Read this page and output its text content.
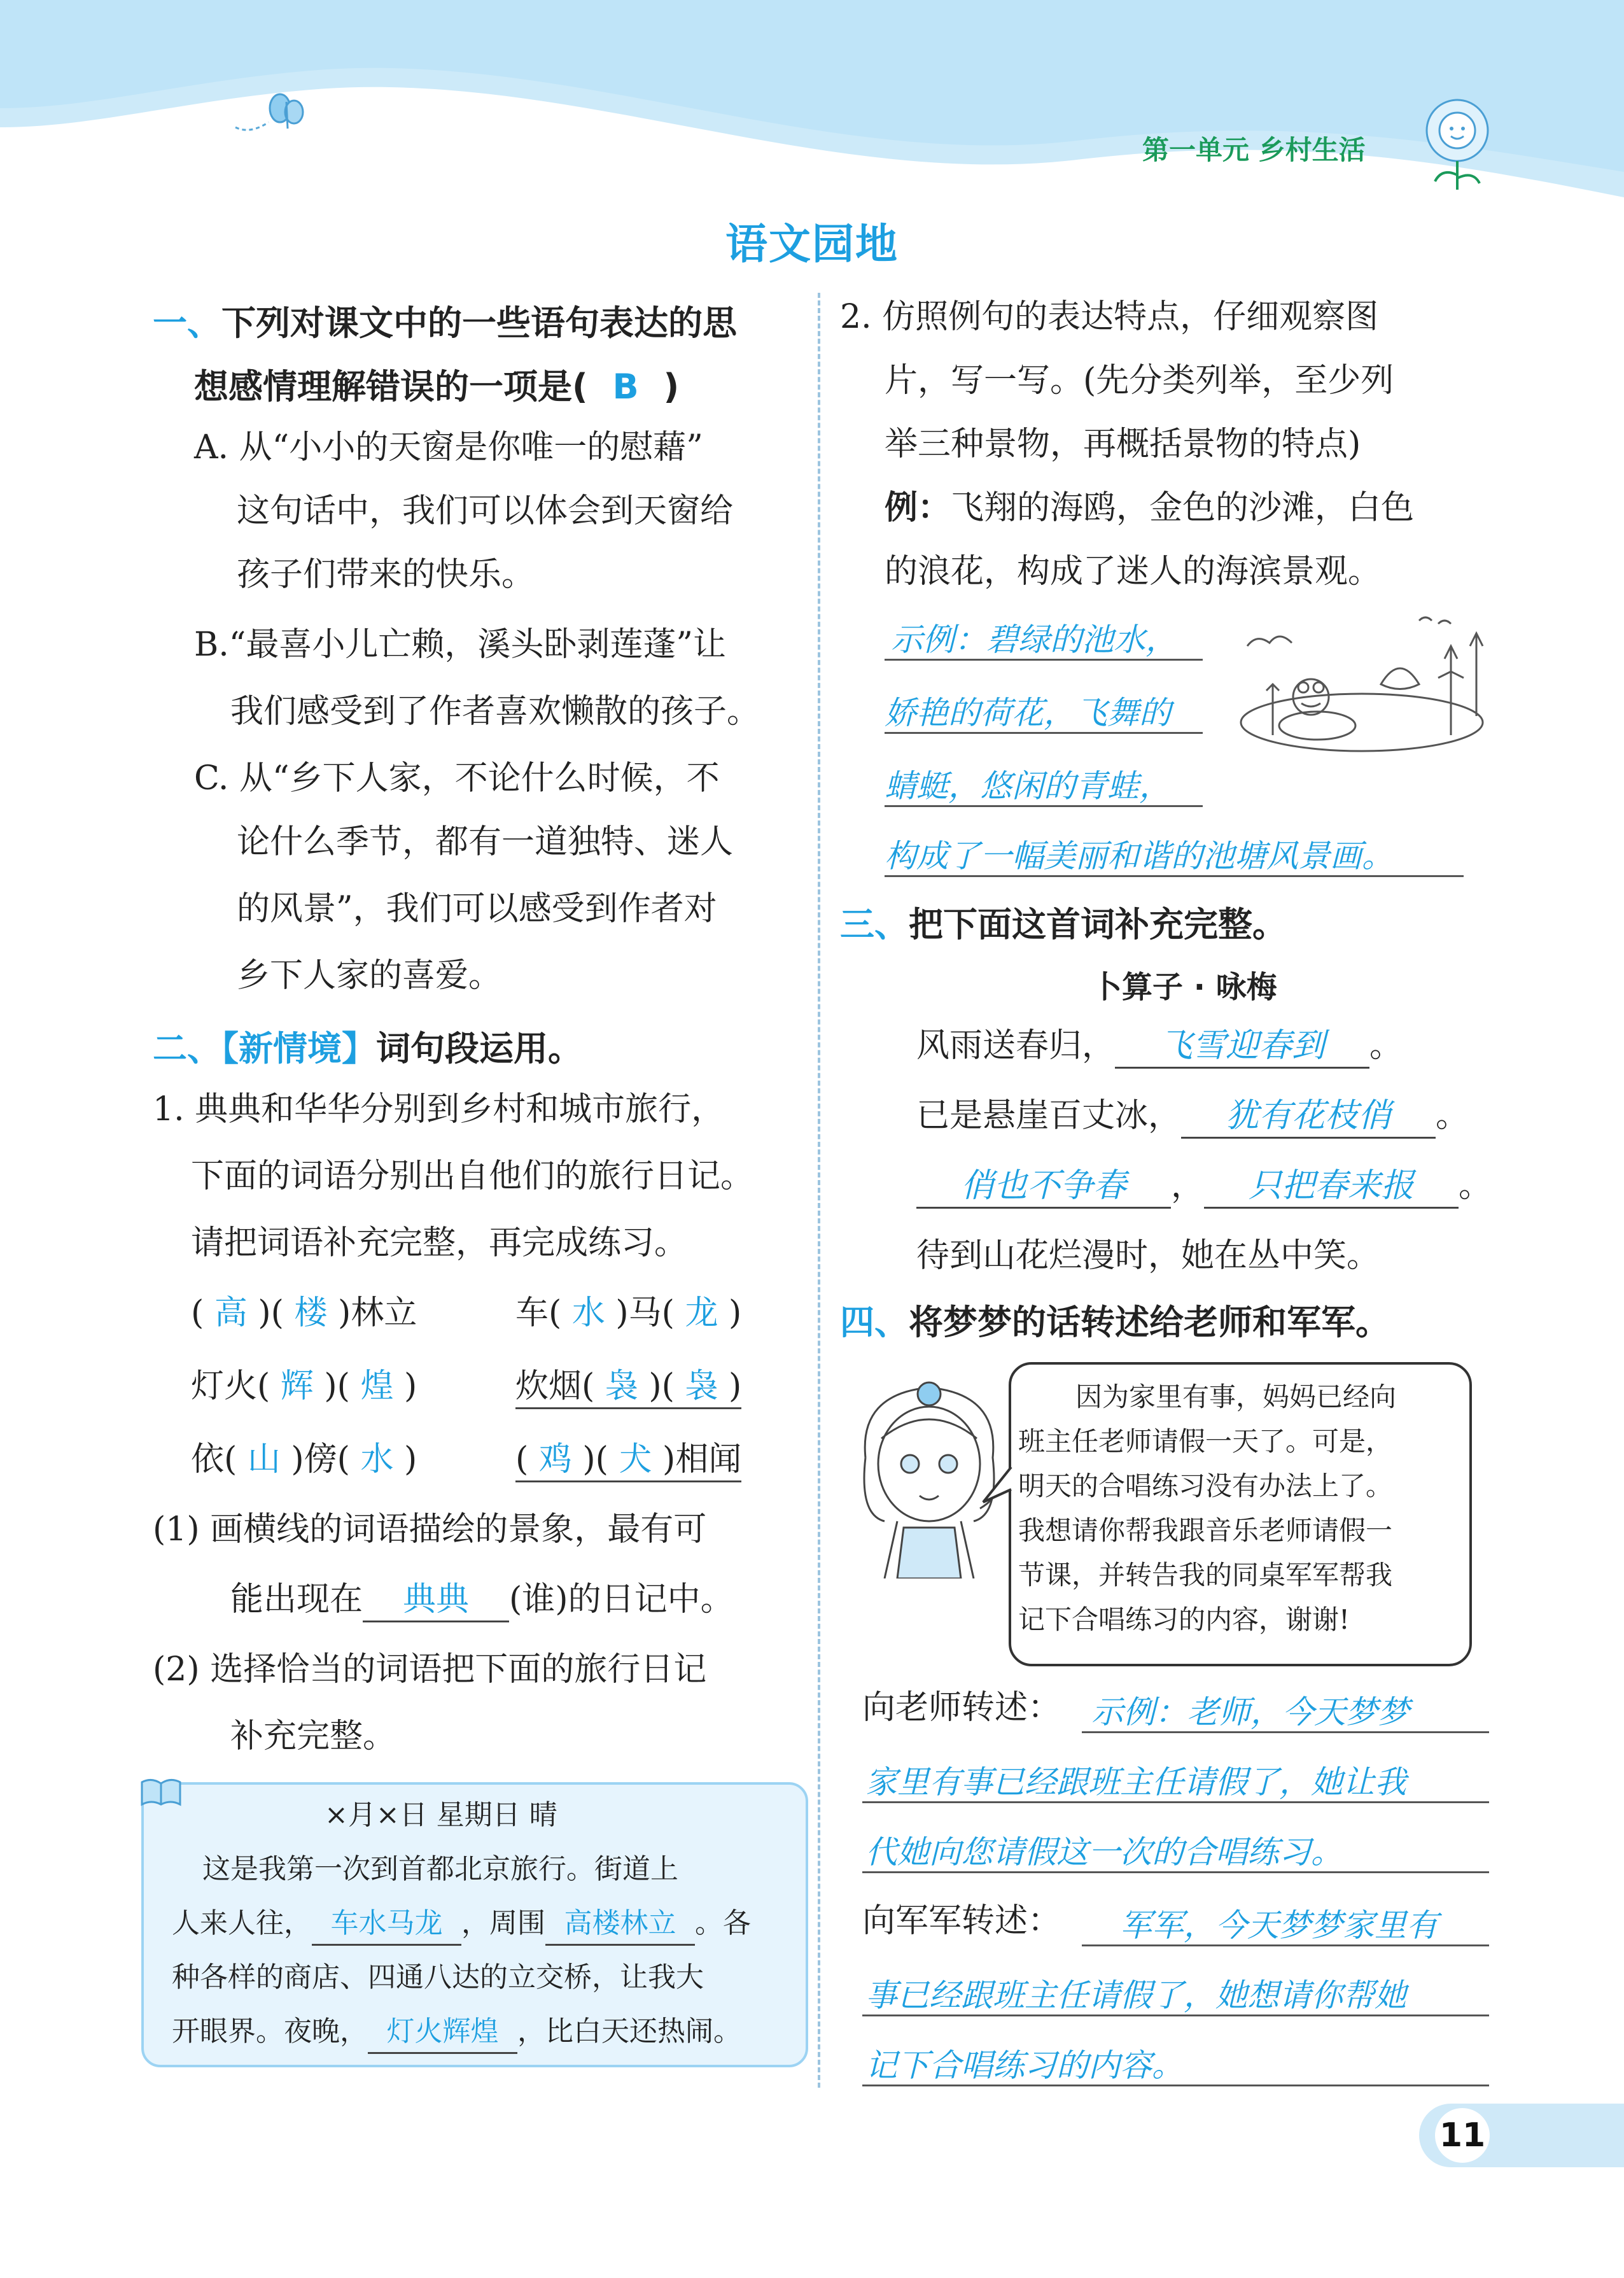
第一单元 乡村生活
语文园地
一、下列对课文中的一些语句表达的思
想感情理解错误的一项是( B )
A. 从“小小的天窗是你唯一的慰藉”
这句话中，我们可以体会到天窗给
孩子们带来的快乐。
B.“最喜小儿亡赖，溪头卧剥莲蓬”让
我们感受到了作者喜欢懒散的孩子。
C. 从“乡下人家，不论什么时候，不
论什么季节，都有一道独特、迷人
的风景”，我们可以感受到作者对
乡下人家的喜爱。
二、【新情境】词句段运用。
1. 典典和华华分别到乡村和城市旅行，
下面的词语分别出自他们的旅行日记。
请把词语补充完整，再完成练习。
( 高 )( 楼 )林立	车( 水 )马( 龙 )
灯火( 辉 )( 煌 )	炊烟( 袅 )( 袅 )
依( 山 )傍( 水 )	( 鸡 )( 犬 )相闻
(1) 画横线的词语描绘的景象，最有可
能出现在 典典 (谁)的日记中。
(2) 选择恰当的词语把下面的旅行日记
补充完整。
×月×日 星期日 晴
这是我第一次到首都北京旅行。街道上
人来人往， 车水马龙 ，周围 高楼林立 。各
种各样的商店、四通八达的立交桥，让我大
开眼界。夜晚， 灯火辉煌 ，比白天还热闹。
2. 仿照例句的表达特点，仔细观察图
片，写一写。(先分类列举，至少列
举三种景物，再概括景物的特点)
例：飞翔的海鸥，金色的沙滩，白色
的浪花，构成了迷人的海滨景观。
示例：碧绿的池水，
娇艳的荷花，飞舞的
蜻蜓，悠闲的青蛙，
构成了一幅美丽和谐的池塘风景画。
三、把下面这首词补充完整。
卜算子 · 咏梅
风雨送春归， 飞雪迎春到 。
已是悬崖百丈冰， 犹有花枝俏 。
俏也不争春 ， 只把春来报 。
待到山花烂漫时，她在丛中笑。
四、将梦梦的话转述给老师和军军。
因为家里有事，妈妈已经向
班主任老师请假一天了。可是，
明天的合唱练习没有办法上了。
我想请你帮我跟音乐老师请假一
节课，并转告我的同桌军军帮我
记下合唱练习的内容，谢谢!
向老师转述： 示例：老师，今天梦梦
家里有事已经跟班主任请假了，她让我
代她向您请假这一次的合唱练习。
向军军转述： 军军，今天梦梦家里有
事已经跟班主任请假了，她想请你帮她
记下合唱练习的内容。
11
